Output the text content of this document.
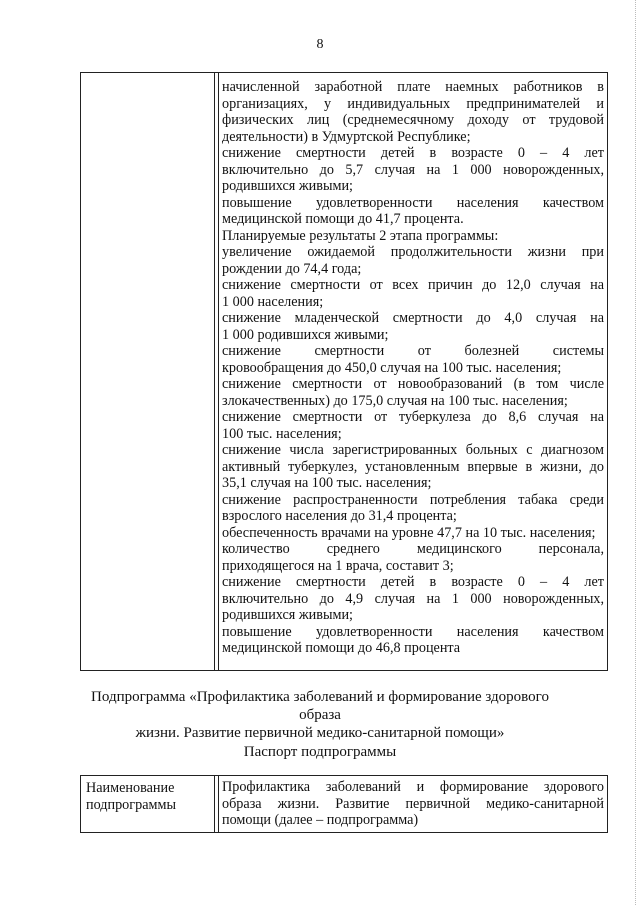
8
начисленной заработной плате наемных работников в
организациях, у индивидуальных предпринимателей и
физических лиц (среднемесячному доходу от трудовой
деятельности) в Удмуртской Республике;
снижение смертности детей в возрасте 0 – 4 лет
включительно до 5,7 случая на 1 000 новорожденных,
родившихся живыми;
повышение удовлетворенности населения качеством
медицинской помощи до 41,7 процента.
Планируемые результаты 2 этапа программы:
увеличение ожидаемой продолжительности жизни при
рождении до 74,4 года;
снижение смертности от всех причин до 12,0 случая на
1 000 населения;
снижение младенческой смертности до 4,0 случая на
1 000 родившихся живыми;
снижение смертности от болезней системы
кровообращения до 450,0 случая на 100 тыс. населения;
снижение смертности от новообразований (в том числе
злокачественных) до 175,0 случая на 100 тыс. населения;
снижение смертности от туберкулеза до 8,6 случая на
100 тыс. населения;
снижение числа зарегистрированных больных с диагнозом
активный туберкулез, установленным впервые в жизни, до
35,1 случая на 100 тыс. населения;
снижение распространенности потребления табака среди
взрослого населения до 31,4 процента;
обеспеченность врачами на уровне 47,7 на 10 тыс. населения;
количество среднего медицинского персонала,
приходящегося на 1 врача, составит 3;
снижение смертности детей в возрасте 0 – 4 лет
включительно до 4,9 случая на 1 000 новорожденных,
родившихся живыми;
повышение удовлетворенности населения качеством
медицинской помощи до 46,8 процента
Подпрограмма «Профилактика заболеваний и формирование здорового образа
жизни. Развитие первичной медико-санитарной помощи»
Паспорт подпрограммы
Наименование
подпрограммы
Профилактика заболеваний и формирование здорового
образа жизни. Развитие первичной медико-санитарной
помощи (далее – подпрограмма)
